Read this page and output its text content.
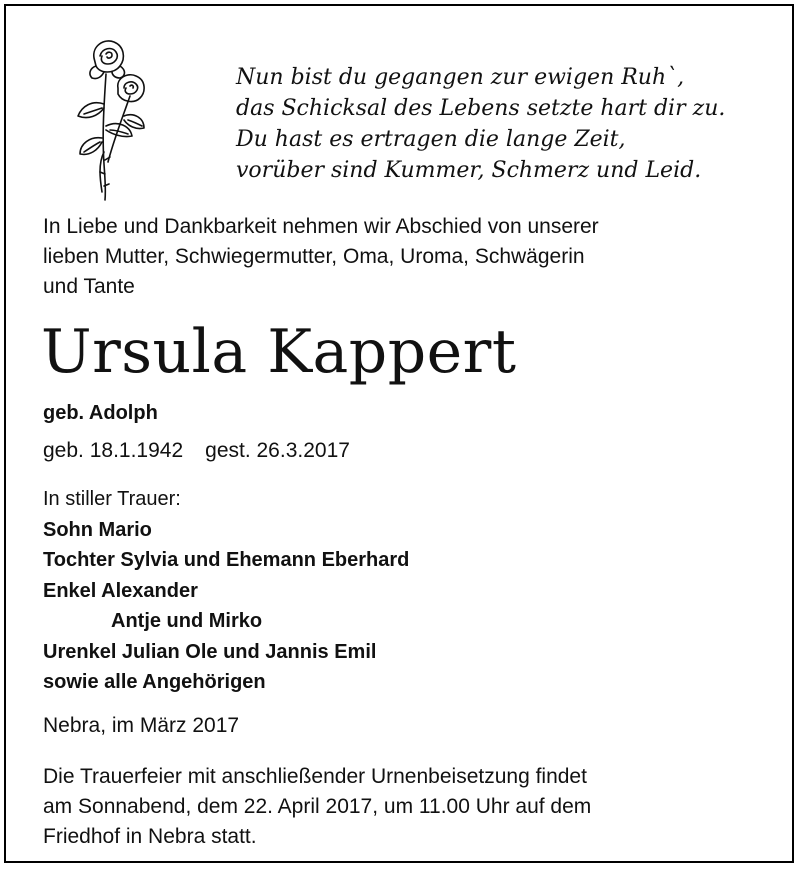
Nun bist du gegangen zur ewigen Ruh`,
das Schicksal des Lebens setzte hart dir zu.
Du hast es ertragen die lange Zeit,
vorüber sind Kummer, Schmerz und Leid.
In Liebe und Dankbarkeit nehmen wir Abschied von unserer
lieben Mutter, Schwiegermutter, Oma, Uroma, Schwägerin
und Tante
Ursula Kappert
geb. Adolph
geb. 18.1.1942 gest. 26.3.2017
In stiller Trauer:
Sohn Mario
Tochter Sylvia und Ehemann Eberhard
Enkel Alexander
Antje und Mirko
Urenkel Julian Ole und Jannis Emil
sowie alle Angehörigen
Nebra, im März 2017
Die Trauerfeier mit anschließender Urnenbeisetzung findet
am Sonnabend, dem 22. April 2017, um 11.00 Uhr auf dem
Friedhof in Nebra statt.
